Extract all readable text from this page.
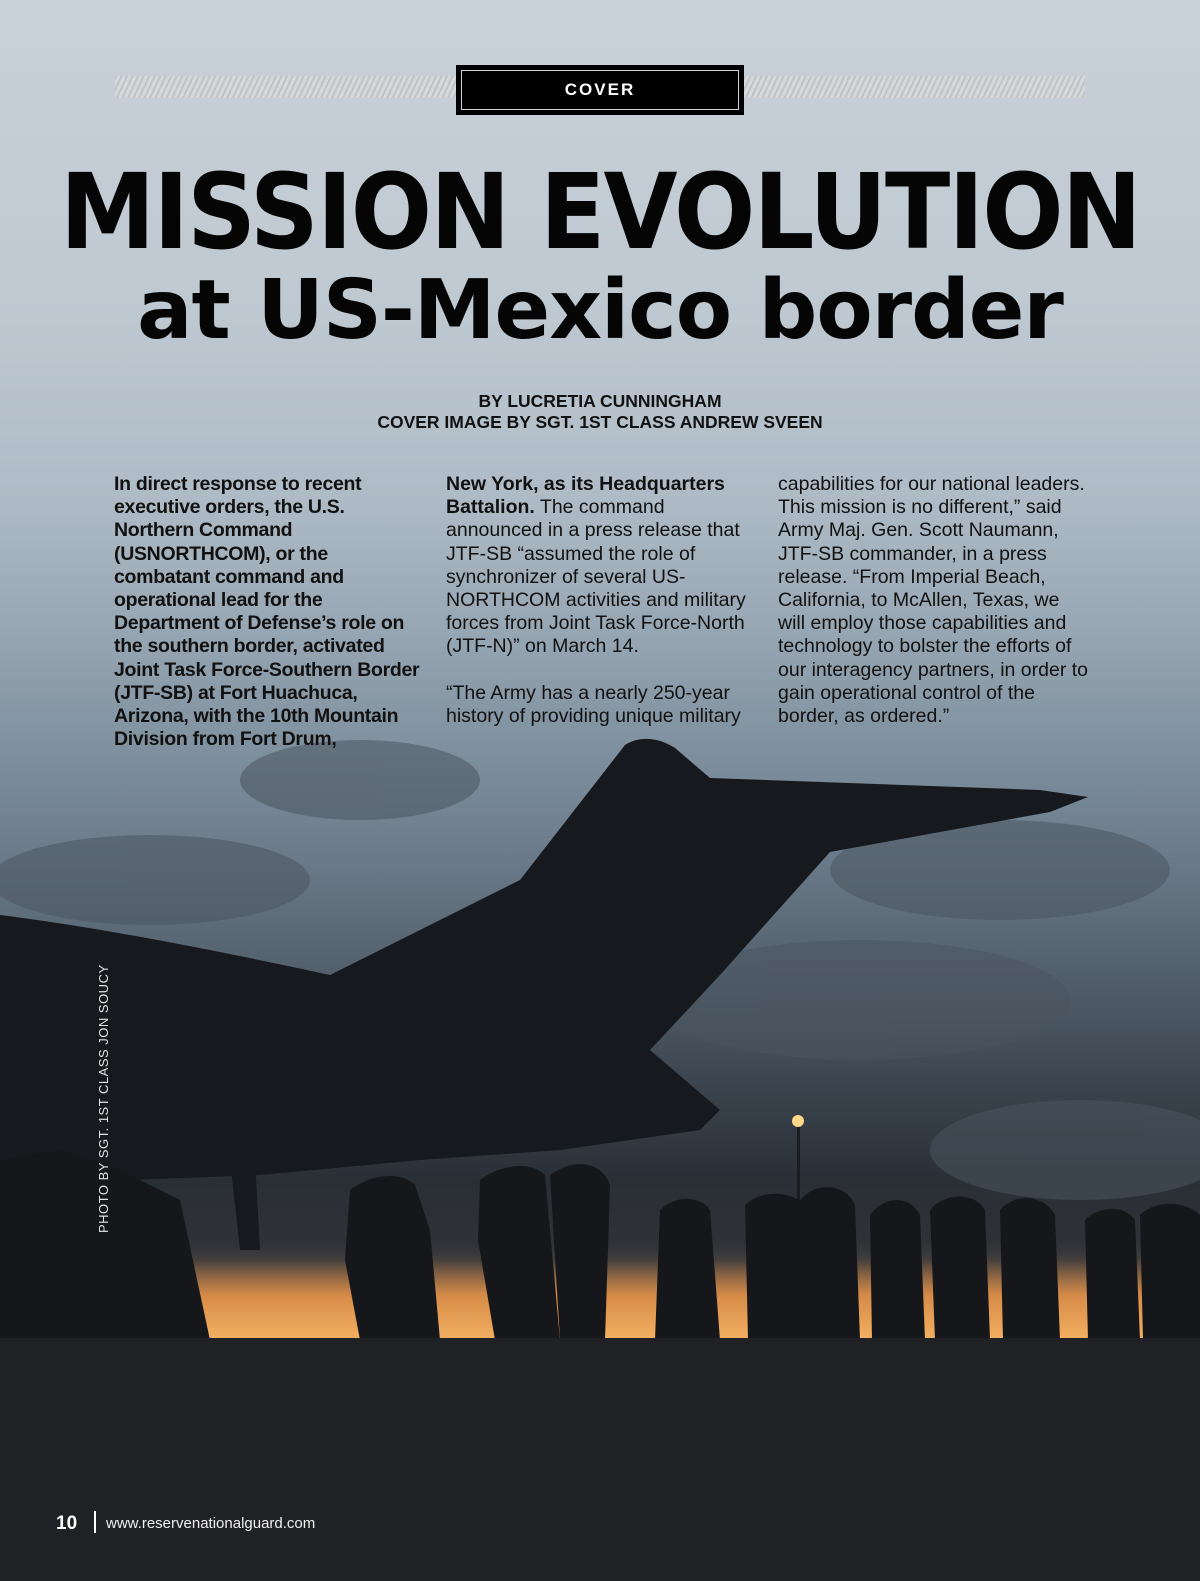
COVER
MISSION EVOLUTION
at US-Mexico border
BY LUCRETIA CUNNINGHAM
COVER IMAGE BY SGT. 1ST CLASS ANDREW SVEEN

In direct response to recent executive orders, the U.S. Northern Command (USNORTHCOM), or the combatant command and operational lead for the Department of Defense’s role on the southern border, activated Joint Task Force-Southern Border (JTF-SB) at Fort Huachuca, Arizona, with the 10th Mountain Division from Fort Drum,

New York, as its Headquarters Battalion. The command announced in a press release that JTF-SB “assumed the role of synchronizer of several US-NORTHCOM activities and military forces from Joint Task Force-North (JTF-N)” on March 14.

“The Army has a nearly 250-year history of providing unique military

capabilities for our national leaders. This mission is no different,” said Army Maj. Gen. Scott Naumann, JTF-SB commander, in a press release. “From Imperial Beach, California, to McAllen, Texas, we will employ those capabilities and technology to bolster the efforts of our interagency partners, in order to gain operational control of the border, as ordered.”

PHOTO BY SGT. 1ST CLASS JON SOUCY
10 www.reservenationalguard.com
